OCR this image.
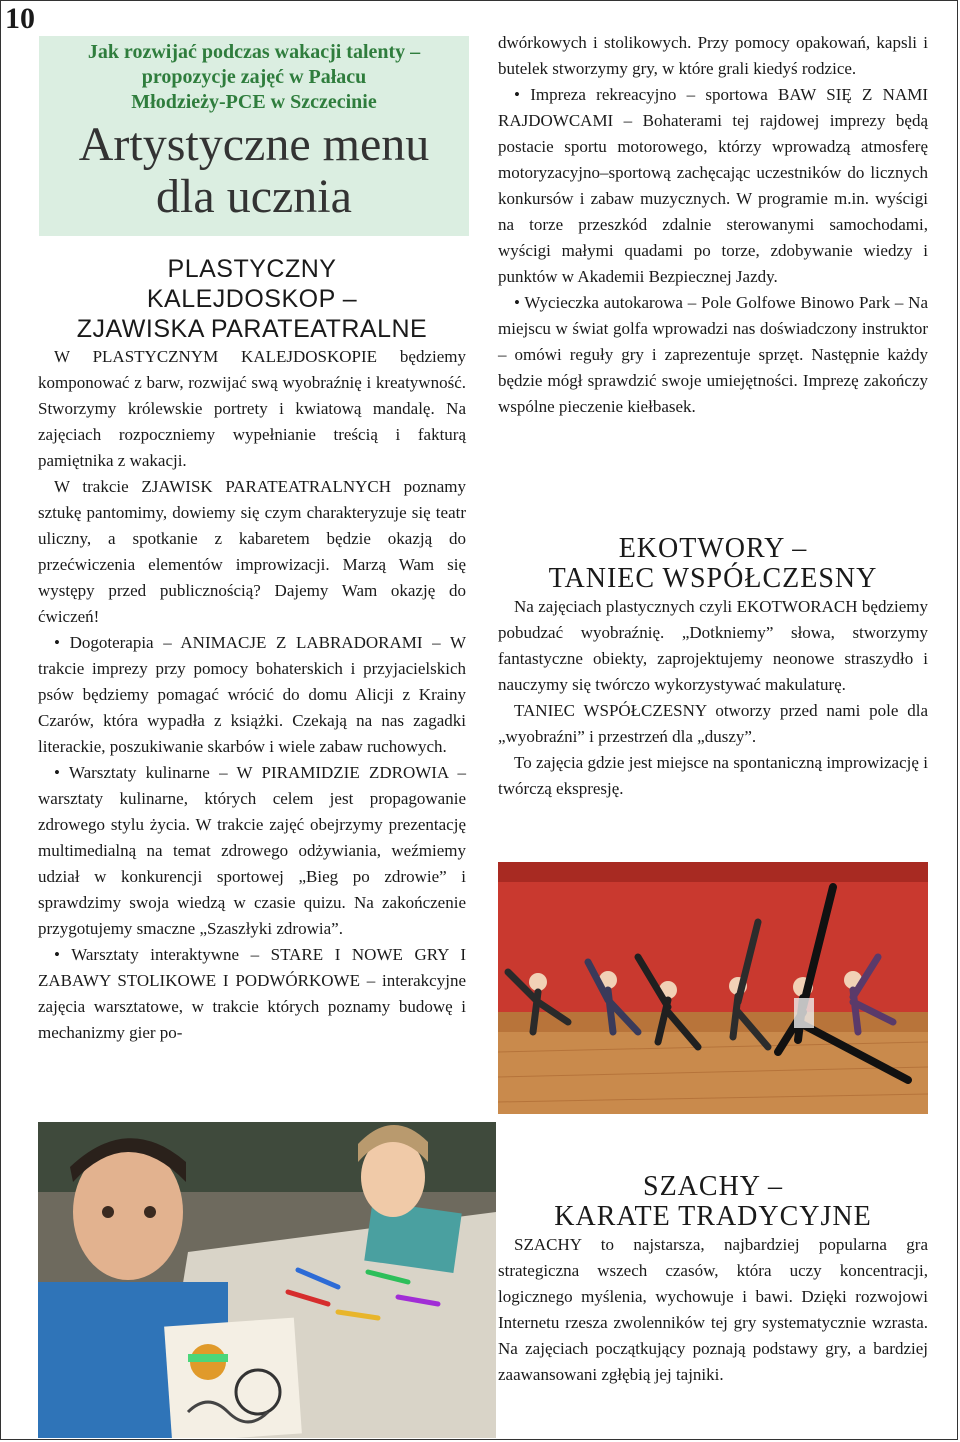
10
Jak rozwijać podczas wakacji talenty –
propozycje zajęć w Pałacu
Młodzieży-PCE w Szczecinie
Artystyczne menu
dla ucznia
PLASTYCZNY
KALEJDOSKOP –
ZJAWISKA PARATEATRALNE

W PLASTYCZNYM KALEJDOSKOPIE będziemy komponować z barw, rozwijać swą wyobraźnię i kreatywność. Stworzymy królewskie portrety i kwiatową mandalę. Na zajęciach rozpoczniemy wypełnianie treścią i fakturą pamiętnika z wakacji.

W trakcie ZJAWISK PARATEATRALNYCH poznamy sztukę pantomimy, dowiemy się czym charakteryzuje się teatr uliczny, a spotkanie z kabaretem będzie okazją do przećwiczenia elementów improwizacji. Marzą Wam się występy przed publicznością? Dajemy Wam okazję do ćwiczeń!

• Dogoterapia – ANIMACJE Z LABRADORAMI – W trakcie imprezy przy pomocy bohaterskich i przyjacielskich psów będziemy pomagać wrócić do domu Alicji z Krainy Czarów, która wypadła z książki. Czekają na nas zagadki literackie, poszukiwanie skarbów i wiele zabaw ruchowych.

• Warsztaty kulinarne – W PIRAMIDZIE ZDROWIA – warsztaty kulinarne, których celem jest propagowanie zdrowego stylu życia. W trakcie zajęć obejrzymy prezentację multimedialną na temat zdrowego odżywiania, weźmiemy udział w konkurencji sportowej „Bieg po zdrowie” i sprawdzimy swoja wiedzą w czasie quizu. Na zakończenie przygotujemy smaczne „Szaszłyki zdrowia”.

• Warsztaty interaktywne – STARE I NOWE GRY I ZABAWY STOLIKOWE I PODWÓRKOWE – interakcyjne zajęcia warsztatowe, w trakcie których poznamy budowę i mechanizmy gier po-

dwórkowych i stolikowych. Przy pomocy opakowań, kapsli i butelek stworzymy gry, w które grali kiedyś rodzice.

• Impreza rekreacyjno – sportowa BAW SIĘ Z NAMI RAJDOWCAMI – Bohaterami tej rajdowej imprezy będą postacie sportu motorowego, którzy wprowadzą atmosferę motoryzacyjno–sportową zachęcając uczestników do licznych konkursów i zabaw muzycznych. W programie m.in. wyścigi na torze przeszkód zdalnie sterowanymi samochodami, wyścigi małymi quadami po torze, zdobywanie wiedzy i punktów w Akademii Bezpiecznej Jazdy.

• Wycieczka autokarowa – Pole Golfowe Binowo Park – Na miejscu w świat golfa wprowadzi nas doświadczony instruktor – omówi reguły gry i zaprezentuje sprzęt. Następnie każdy będzie mógł sprawdzić swoje umiejętności. Imprezę zakończy wspólne pieczenie kiełbasek.

EKOTWORY –
TANIEC WSPÓŁCZESNY

Na zajęciach plastycznych czyli EKOTWORACH będziemy pobudzać wyobraźnię. „Dotkniemy” słowa, stworzymy fantastyczne obiekty, zaprojektujemy neonowe straszydło i nauczymy się twórczo wykorzystywać makulaturę.

TANIEC WSPÓŁCZESNY otworzy przed nami pole dla „wyobraźni” i przestrzeń dla „duszy”.

To zajęcia gdzie jest miejsce na spontaniczną improwizację i twórczą ekspresję.

SZACHY –
KARATE TRADYCYJNE

SZACHY to najstarsza, najbardziej popularna gra strategiczna wszech czasów, która uczy koncentracji, logicznego myślenia, wychowuje i bawi. Dzięki rozwojowi Internetu rzesza zwolenników tej gry systematycznie wzrasta. Na zajęciach początkujący poznają podstawy gry, a bardziej zaawansowani zgłębią jej tajniki.
